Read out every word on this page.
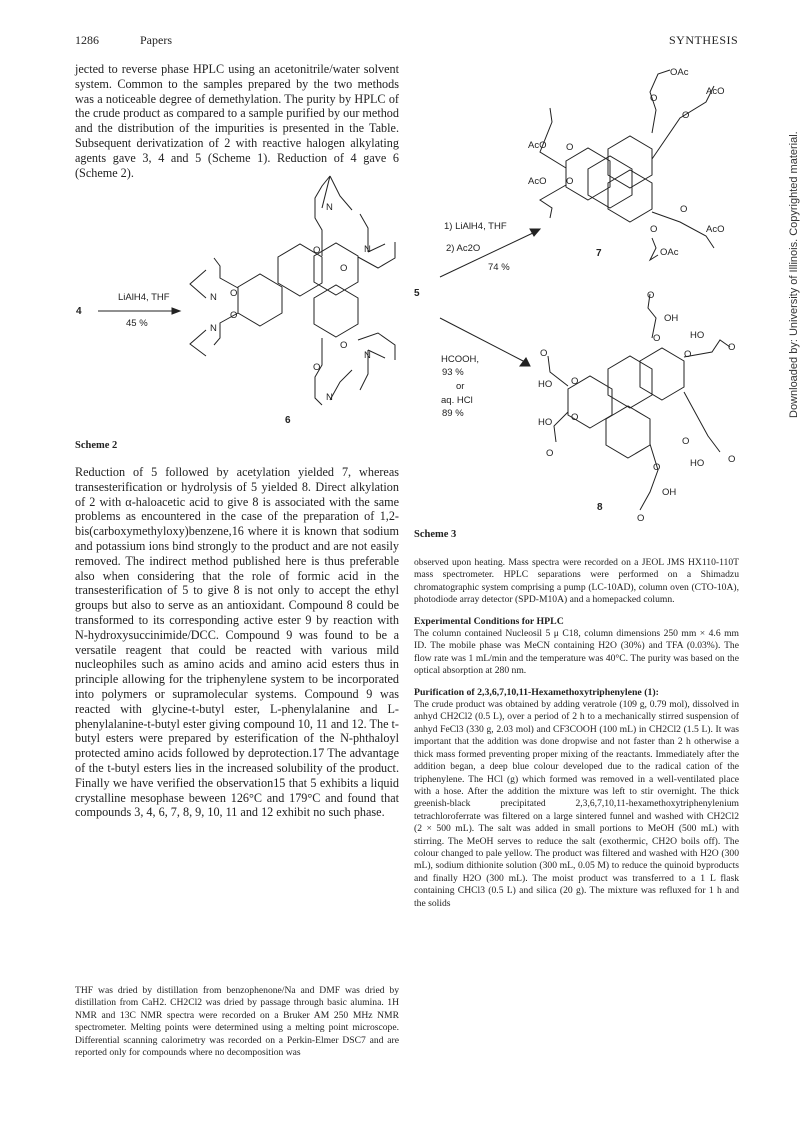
1286	Papers	SYNTHESIS

jected to reverse phase HPLC using an acetonitrile/water solvent system. Common to the samples prepared by the two methods was a noticeable degree of demethylation. The purity by HPLC of the crude product as compared to a sample purified by our method and the distribution of the impurities is presented in the Table. Subsequent derivatization of 2 with reactive halogen alkylating agents gave 3, 4 and 5 (Scheme 1). Reduction of 4 gave 6 (Scheme 2).

LiAlH4, THF
45 %
4
6
O
O
O
O
O
O
N
N
N
N
N
N
5
1) LiAlH4, THF
2) Ac2O
74 %
7
HCOOH,
93 %
or
aq. HCl
89 %
8
OAc
AcO
AcO
AcO
AcO
OAc
O
O
O
O
O
O
OH
HO
HO
HO
HO
OH
O
O
O
O
O
O
O
O
O
O
O
O
Scheme 2
Scheme 3

Reduction of 5 followed by acetylation yielded 7, whereas transesterification or hydrolysis of 5 yielded 8. Direct alkylation of 2 with α-haloacetic acid to give 8 is associated with the same problems as encountered in the case of the preparation of 1,2-bis(carboxymethyloxy)benzene,16 where it is known that sodium and potassium ions bind strongly to the product and are not easily removed. The indirect method published here is thus preferable also when considering that the role of formic acid in the transesterification of 5 to give 8 is not only to accept the ethyl groups but also to serve as an antioxidant. Compound 8 could be transformed to its corresponding active ester 9 by reaction with N-hydroxysuccinimide/DCC. Compound 9 was found to be a versatile reagent that could be reacted with various mild nucleophiles such as amino acids and amino acid esters thus in principle allowing for the triphenylene system to be incorporated into polymers or supramolecular systems. Compound 9 was reacted with glycine-t-butyl ester, L-phenylalanine and L-phenylalanine-t-butyl ester giving compound 10, 11 and 12. The t-butyl esters were prepared by esterification of the N-phthaloyl protected amino acids followed by deprotection.17 The advantage of the t-butyl esters lies in the increased solubility of the product. Finally we have verified the observation15 that 5 exhibits a liquid crystalline mesophase beween 126°C and 179°C and found that compounds 3, 4, 6, 7, 8, 9, 10, 11 and 12 exhibit no such phase.

THF was dried by distillation from benzophenone/Na and DMF was dried by distillation from CaH2. CH2Cl2 was dried by passage through basic alumina. 1H NMR and 13C NMR spectra were recorded on a Bruker AM 250 MHz NMR spectrometer. Melting points were determined using a melting point microscope. Differential scanning calorimetry was recorded on a Perkin-Elmer DSC7 and are reported only for compounds where no decomposition was

observed upon heating. Mass spectra were recorded on a JEOL JMS HX110-110T mass spectrometer. HPLC separations were performed on a Shimadzu chromatographic system comprising a pump (LC-10AD), column oven (CTO-10A), photodiode array detector (SPD-M10A) and a homepacked column.

Experimental Conditions for HPLC

The column contained Nucleosil 5 μ C18, column dimensions 250 mm × 4.6 mm ID. The mobile phase was MeCN containing H2O (30%) and TFA (0.03%). The flow rate was 1 mL/min and the temperature was 40°C. The purity was based on the optical absorption at 280 nm.

Purification of 2,3,6,7,10,11-Hexamethoxytriphenylene (1):

The crude product was obtained by adding veratrole (109 g, 0.79 mol), dissolved in anhyd CH2Cl2 (0.5 L), over a period of 2 h to a mechanically stirred suspension of anhyd FeCl3 (330 g, 2.03 mol) and CF3COOH (100 mL) in CH2Cl2 (1.5 L). It was important that the addition was done dropwise and not faster than 2 h otherwise a thick mass formed preventing proper mixing of the reactants. Immediately after the addition began, a deep blue colour developed due to the radical cation of the triphenylene. The HCl (g) which formed was removed in a well-ventilated place with a hose. After the addition the mixture was left to stir overnight. The thick greenish-black precipitated 2,3,6,7,10,11-hexamethoxytriphenylenium tetrachloroferrate was filtered on a large sintered funnel and washed with CH2Cl2 (2 × 500 mL). The salt was added in small portions to MeOH (500 mL) with stirring. The MeOH serves to reduce the salt (exothermic, CH2O boils off). The colour changed to pale yellow. The product was filtered and washed with H2O (300 mL), sodium dithionite solution (300 mL, 0.05 M) to reduce the quinoid byproducts and finally H2O (300 mL). The moist product was transferred to a 1 L flask containing CHCl3 (0.5 L) and silica (20 g). The mixture was refluxed for 1 h and the solids

Downloaded by: University of Illinois. Copyrighted material.
